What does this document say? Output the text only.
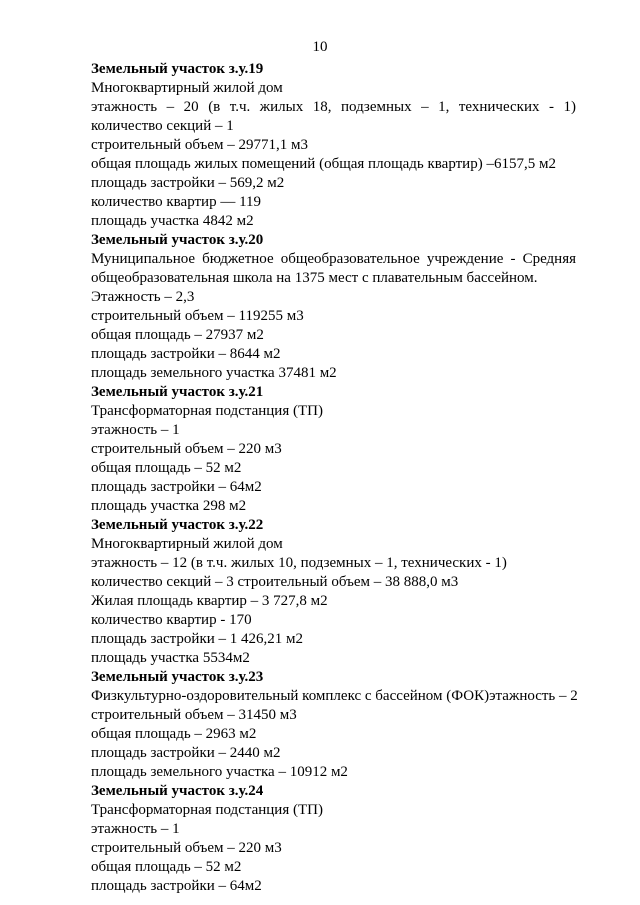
10

Земельный участок з.у.19

Многоквартирный жилой дом

этажность – 20 (в т.ч. жилых 18, подземных – 1, технических - 1)

количество секций – 1

строительный объем – 29771,1 м3

общая площадь жилых помещений (общая площадь квартир) –6157,5 м2

площадь застройки – 569,2 м2

количество квартир — 119

площадь участка 4842 м2

Земельный участок з.у.20

Муниципальное бюджетное общеобразовательное учреждение - Средняя

общеобразовательная школа на 1375 мест с плавательным бассейном.

Этажность – 2,3

строительный объем – 119255 м3

общая площадь – 27937 м2

площадь застройки – 8644 м2

площадь земельного участка 37481 м2

Земельный участок з.у.21

Трансформаторная подстанция (ТП)

этажность – 1

строительный объем – 220 м3

общая площадь – 52 м2

площадь застройки – 64м2

площадь участка 298 м2

Земельный участок з.у.22

Многоквартирный жилой дом

этажность – 12 (в т.ч. жилых 10, подземных – 1, технических - 1)

количество секций – 3 строительный объем – 38 888,0 м3

Жилая площадь квартир – 3 727,8 м2

количество квартир - 170

площадь застройки – 1 426,21 м2

площадь участка 5534м2

Земельный участок з.у.23

Физкультурно-оздоровительный комплекс с бассейном (ФОК)этажность – 2

строительный объем – 31450 м3

общая площадь – 2963 м2

площадь застройки – 2440 м2

площадь земельного участка – 10912 м2

Земельный участок з.у.24

Трансформаторная подстанция (ТП)

этажность – 1

строительный объем – 220 м3

общая площадь – 52 м2

площадь застройки – 64м2
